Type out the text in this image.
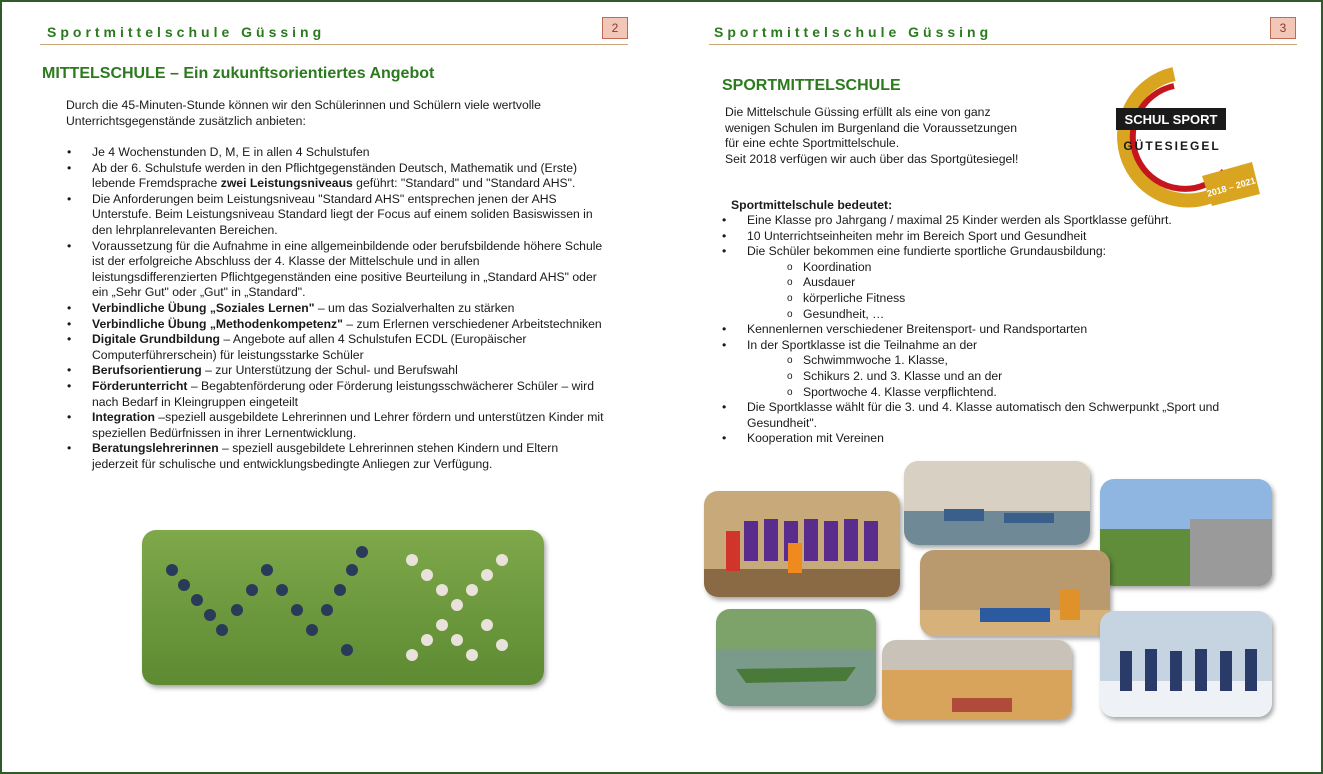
Sportmittelschule Güssing	2
MITTELSCHULE – Ein zukunftsorientiertes Angebot
Durch die 45-Minuten-Stunde können wir den Schülerinnen und Schülern viele wertvolle Unterrichtsgegenstände zusätzlich anbieten:
• Je 4 Wochenstunden D, M, E in allen 4 Schulstufen
• Ab der 6. Schulstufe werden in den Pflichtgegenständen Deutsch, Mathematik und (Erste) lebende Fremdsprache zwei Leistungsniveaus geführt: "Standard" und "Standard AHS".
• Die Anforderungen beim Leistungsniveau "Standard AHS" entsprechen jenen der AHS Unterstufe. Beim Leistungsniveau Standard liegt der Focus auf einem soliden Basiswissen in den lehrplanrelevanten Bereichen.
• Voraussetzung für die Aufnahme in eine allgemeinbildende oder berufsbildende höhere Schule ist der erfolgreiche Abschluss der 4. Klasse der Mittelschule und in allen leistungsdifferenzierten Pflichtgegenständen eine positive Beurteilung in „Standard AHS" oder ein „Sehr Gut" oder „Gut" in „Standard".
• Verbindliche Übung „Soziales Lernen" – um das Sozialverhalten zu stärken
• Verbindliche Übung „Methodenkompetenz" – zum Erlernen verschiedener Arbeitstechniken
• Digitale Grundbildung – Angebote auf allen 4 Schulstufen ECDL (Europäischer Computerführerschein) für leistungsstarke Schüler
• Berufsorientierung – zur Unterstützung der Schul- und Berufswahl
• Förderunterricht – Begabtenförderung oder Förderung leistungsschwächerer Schüler – wird nach Bedarf in Kleingruppen eingeteilt
• Integration –speziell ausgebildete Lehrerinnen und Lehrer fördern und unterstützen Kinder mit speziellen Bedürfnissen in ihrer Lernentwicklung.
• Beratungslehrerinnen – speziell ausgebildete Lehrerinnen stehen Kindern und Eltern jederzeit für schulische und entwicklungsbedingte Anliegen zur Verfügung.
Sportmittelschule Güssing	3
SPORTMITTELSCHULE
Die Mittelschule Güssing erfüllt als eine von ganz
wenigen Schulen im Burgenland die Voraussetzungen
für eine echte Sportmittelschule.
Seit 2018 verfügen wir auch über das Sportgütesiegel!
SCHUL SPORT
GÜTESIEGEL
2018 – 2021
Sportmittelschule bedeutet:
• Eine Klasse pro Jahrgang / maximal 25 Kinder werden als Sportklasse geführt.
• 10 Unterrichtseinheiten mehr im Bereich Sport und Gesundheit
• Die Schüler bekommen eine fundierte sportliche Grundausbildung:
o Koordination
o Ausdauer
o körperliche Fitness
o Gesundheit, …
• Kennenlernen verschiedener Breitensport- und Randsportarten
• In der Sportklasse ist die Teilnahme an der
o Schwimmwoche 1. Klasse,
o Schikurs 2. und 3. Klasse und an der
o Sportwoche 4. Klasse verpflichtend.
• Die Sportklasse wählt für die 3. und 4. Klasse automatisch den Schwerpunkt „Sport und Gesundheit".
• Kooperation mit Vereinen
